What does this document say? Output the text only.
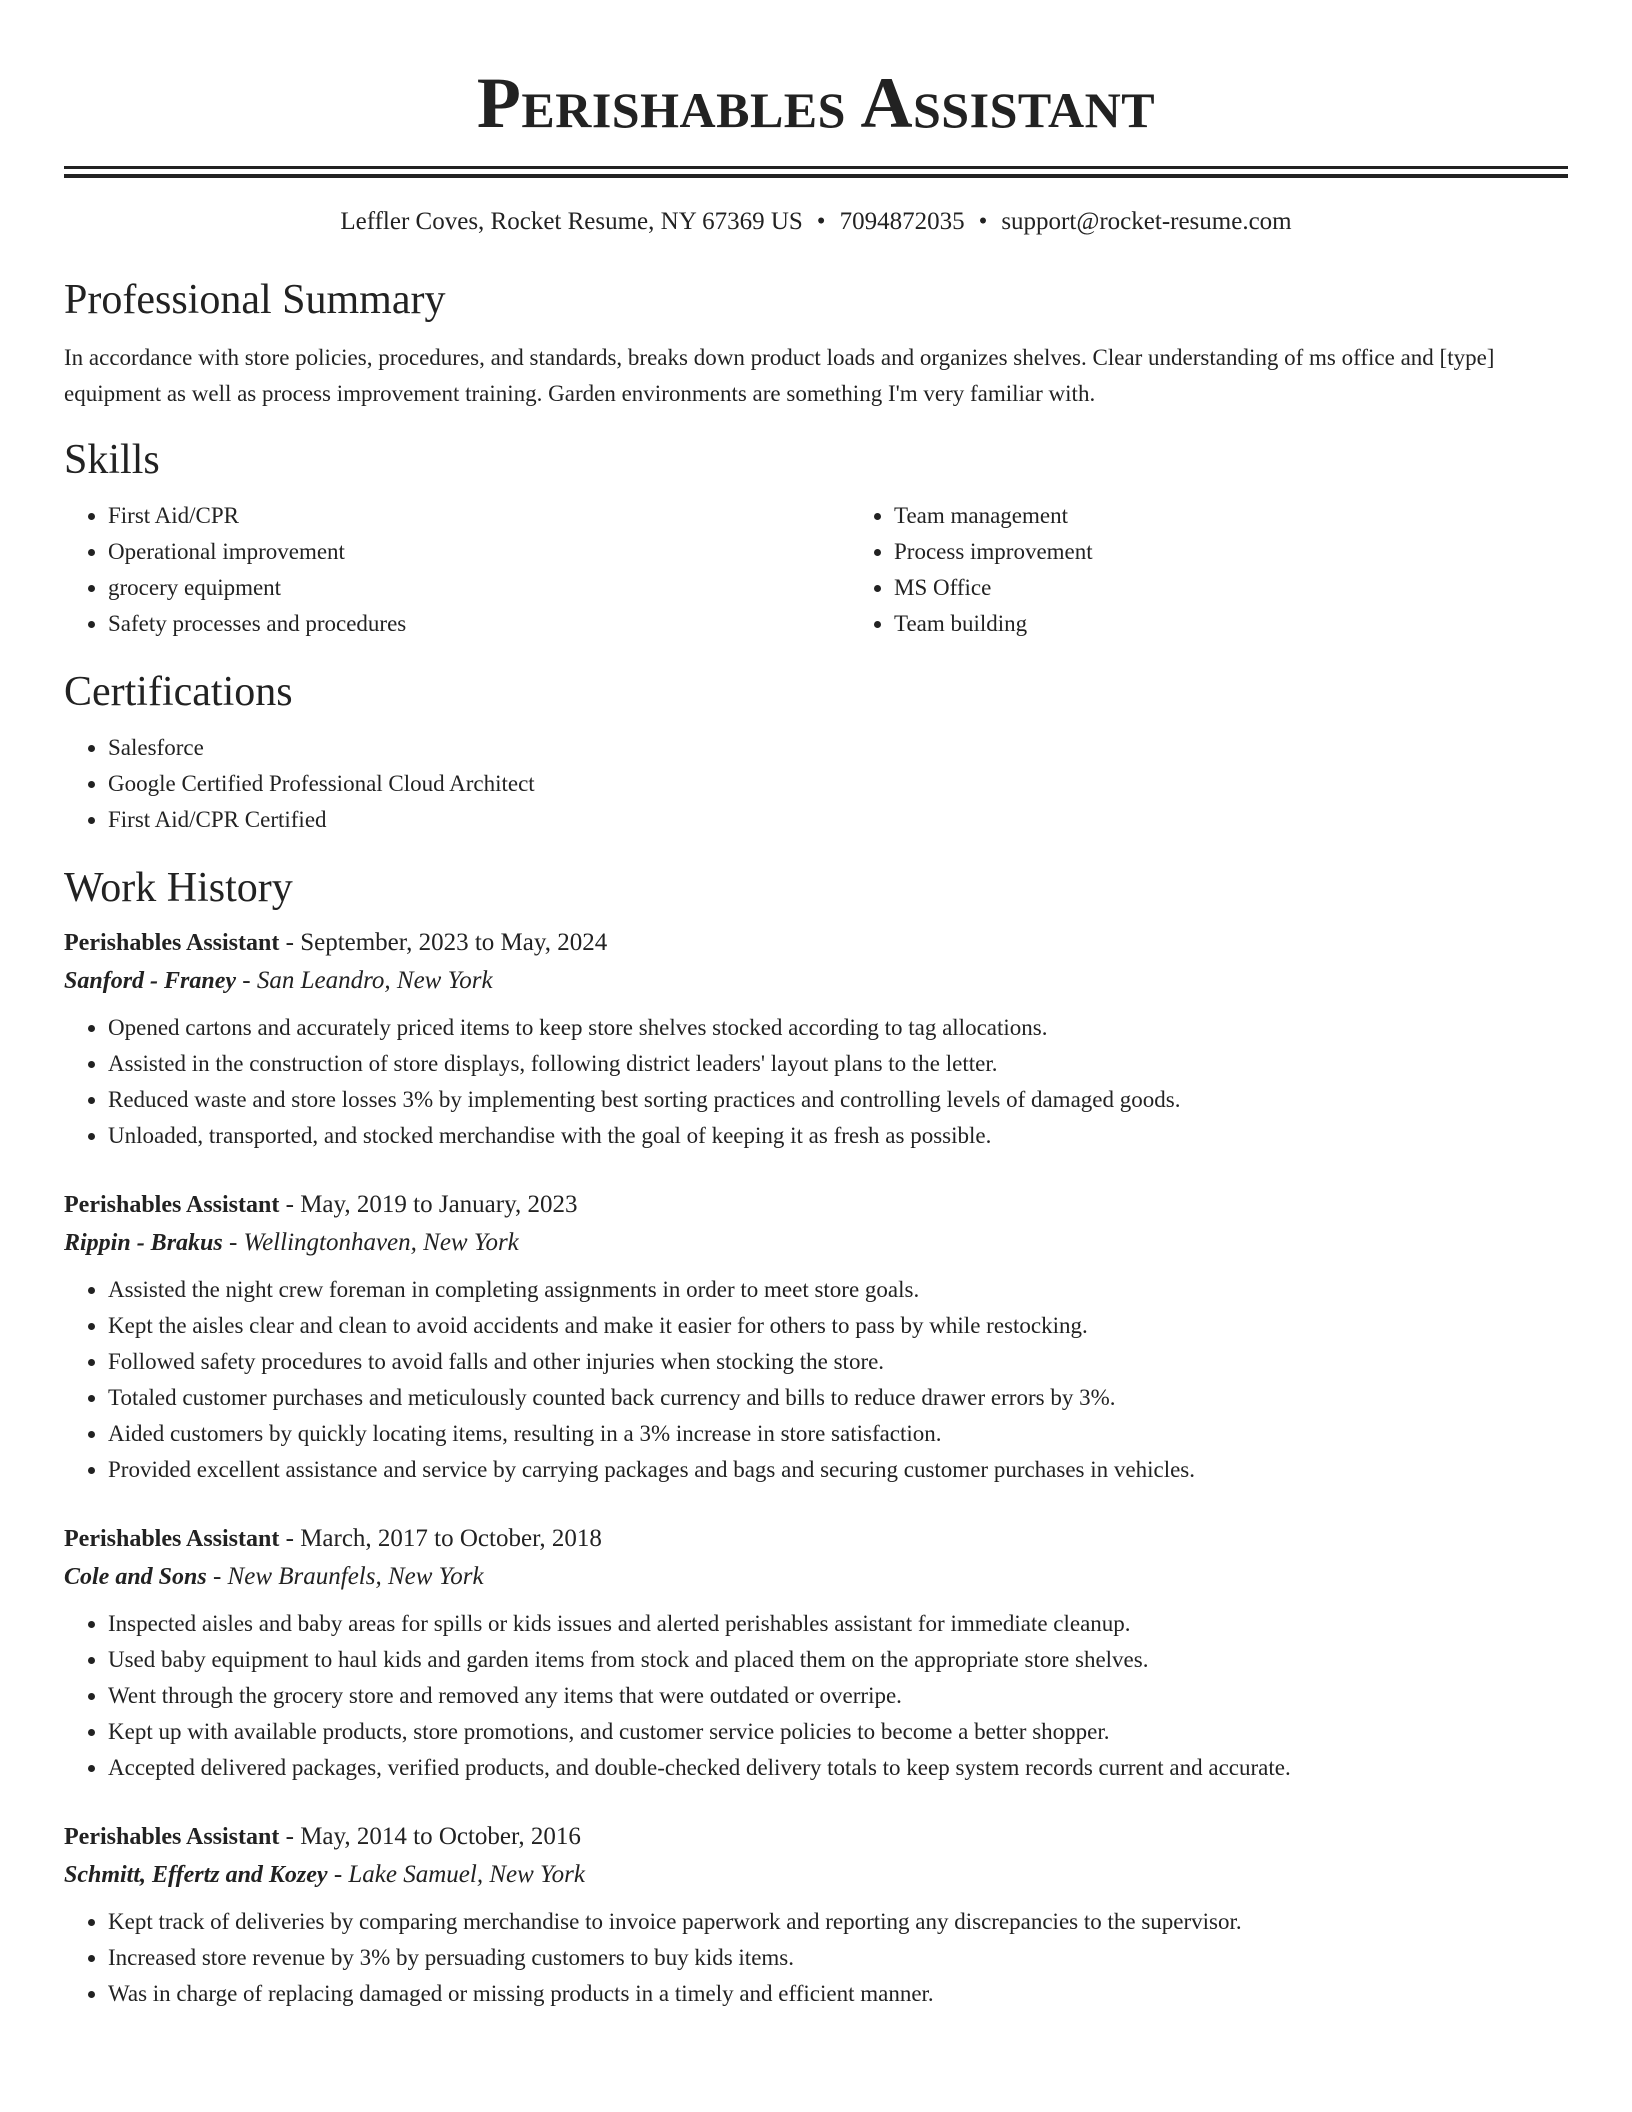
Perishables Assistant
Leffler Coves, Rocket Resume, NY 67369 US • 7094872035 • support@rocket-resume.com
Professional Summary

In accordance with store policies, procedures, and standards, breaks down product loads and organizes shelves. Clear understanding of ms office and [type] equipment as well as process improvement training. Garden environments are something I'm very familiar with.

Skills
• First Aid/CPR
• Operational improvement
• grocery equipment
• Safety processes and procedures
• Team management
• Process improvement
• MS Office
• Team building
Certifications
• Salesforce
• Google Certified Professional Cloud Architect
• First Aid/CPR Certified
Work History
Perishables Assistant - September, 2023 to May, 2024
Sanford - Franey - San Leandro, New York
• Opened cartons and accurately priced items to keep store shelves stocked according to tag allocations.
• Assisted in the construction of store displays, following district leaders' layout plans to the letter.
• Reduced waste and store losses 3% by implementing best sorting practices and controlling levels of damaged goods.
• Unloaded, transported, and stocked merchandise with the goal of keeping it as fresh as possible.
Perishables Assistant - May, 2019 to January, 2023
Rippin - Brakus - Wellingtonhaven, New York
• Assisted the night crew foreman in completing assignments in order to meet store goals.
• Kept the aisles clear and clean to avoid accidents and make it easier for others to pass by while restocking.
• Followed safety procedures to avoid falls and other injuries when stocking the store.
• Totaled customer purchases and meticulously counted back currency and bills to reduce drawer errors by 3%.
• Aided customers by quickly locating items, resulting in a 3% increase in store satisfaction.
• Provided excellent assistance and service by carrying packages and bags and securing customer purchases in vehicles.
Perishables Assistant - March, 2017 to October, 2018
Cole and Sons - New Braunfels, New York
• Inspected aisles and baby areas for spills or kids issues and alerted perishables assistant for immediate cleanup.
• Used baby equipment to haul kids and garden items from stock and placed them on the appropriate store shelves.
• Went through the grocery store and removed any items that were outdated or overripe.
• Kept up with available products, store promotions, and customer service policies to become a better shopper.
• Accepted delivered packages, verified products, and double-checked delivery totals to keep system records current and accurate.
Perishables Assistant - May, 2014 to October, 2016
Schmitt, Effertz and Kozey - Lake Samuel, New York
• Kept track of deliveries by comparing merchandise to invoice paperwork and reporting any discrepancies to the supervisor.
• Increased store revenue by 3% by persuading customers to buy kids items.
• Was in charge of replacing damaged or missing products in a timely and efficient manner.
